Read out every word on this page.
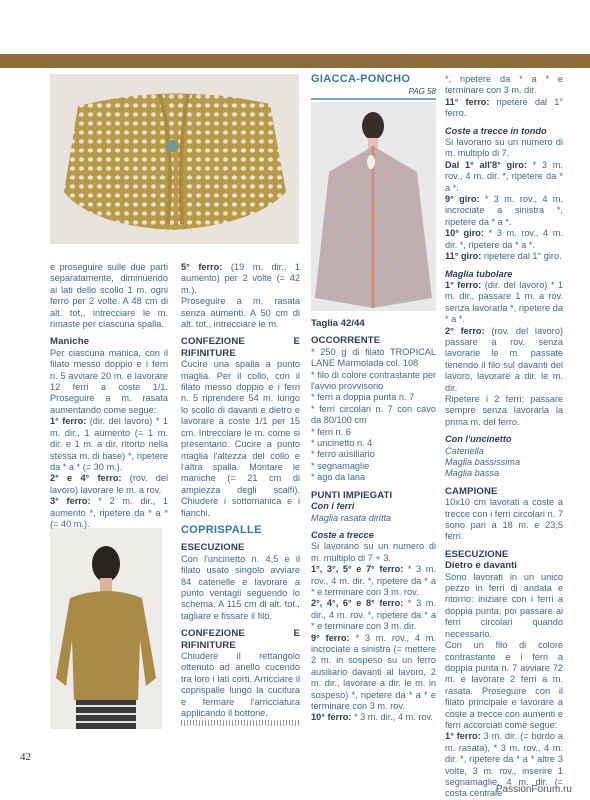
e proseguire sulle due parti separatamente, diminuendo ai lati dello scollo 1 m. ogni ferro per 2 volte. A 48 cm di alt. tot., intrecciare le m. rimaste per ciascuna spalla.

Maniche

Per ciascuna manica, con il filato messo doppio e i ferri n. 5 avviare 20 m. e lavorare 12 ferri a coste 1/1. Proseguire a m. rasata aumentando come segue:

1° ferro: (dir. del lavoro) * 1 m. dir., 1 aumento (= 1 m. dir. e 1 m. a dir. ritorto nella stessa m. di base) *, ripetere da * a * (= 30 m.).

2° e 4° ferro: (rov. del lavoro) lavorare le m. a rov.

3° ferro: * 2 m. dir., 1 aumento *, ripetere da * a * (= 40 m.).

5° ferro: (19 m. dir., 1 aumento) per 2 volte (= 42 m.).

Proseguire a m. rasata senza aumenti. A 50 cm di alt. tot., intrecciare le m.

CONFEZIONE E RIFINITURE

Cucire una spalla a punto maglia. Per il collo, con il filato messo doppio e i ferri n. 5 riprendere 54 m. lungo lo scollo di davanti e dietro e lavorare a coste 1/1 per 15 cm. Intrecciare le m. come si presentano. Cucire a punto maglia l'altezza del collo e l'altra spalla. Montare le maniche (= 21 cm di ampiezza degli scalfi). Chiudere i sottomanica e i fianchi.

COPRISPALLE

ESECUZIONE

Con l'uncinetto n. 4,5 e il filato usato singolo avviare 84 catenelle e lavorare a punto ventagli seguendo lo schema. A 115 cm di alt. tot., tagliare e fissare il filo.

CONFEZIONE E RIFINITURE

Chiudere il rettangolo ottenuto ad anello cucendo tra loro i lati corti. Arricciare il coprispalle lungo la cucitura e fermare l'arricciatura applicando il bottone.

GIACCA-PONCHO

PAG 58

Taglia 42/44

OCCORRENTE

* 250 g di filato TROPICAL LANE Marmolada col. 108

* filo di colore contrastante per l'avvio provvisorio

* ferri a doppia punta n. 7

* ferri circolari n. 7 con cavo da 80/100 cm

* ferri n. 6

* uncinetto n. 4

* ferro ausiliario

* segnamaglie

* ago da lana

PUNTI IMPIEGATI

Con i ferri

Maglia rasata diritta

Coste a trecce

Si lavorano su un numero di m. multiplo di 7 + 3.

1°, 3°, 5° e 7° ferro: * 3 m. rov., 4 m. dir. *, ripetere da * a * e terminare con 3 m. rov.

2°, 4°, 6° e 8° ferro: * 3 m. dir., 4 m. rov. *, ripetere da * a * e terminare con 3 m. dir.

9° ferro: * 3 m. rov., 4 m. incrociate a sinistra (= mettere 2 m. in sospeso su un ferro ausiliario davanti al lavoro, 2 m. dir., lavorare a dir. le m. in sospeso) *, ripetere da * a * e terminare con 3 m. rov.

10° ferro: * 3 m. dir., 4 m. rov.

*, ripetere da * a * e terminare con 3 m. dir.

11° ferro: ripetere dal 1° ferro.

Coste a trecce in tondo

Si lavorano su un numero di m. multiplo di 7.

Dal 1° all'8° giro: * 3 m. rov., 4 m. dir. *, ripetere da * a *.

9° giro: * 3 m. rov., 4 m. incrociate a sinistra *, ripetere da * a *.

10° giro: * 3 m. rov., 4 m. dir. *, ripetere da * a *.

11° giro: ripetere dal 1° giro.

Maglia tubolare

1° ferro: (dir. del lavoro) * 1 m. dir., passare 1 m. a rov. senza lavorarla *, ripetere da * a *.

2° ferro: (rov. del lavoro) passare a rov. senza lavorarle le m. passate tenendo il filo sul davanti del lavoro, lavorare a dir. le m. dir.

Ripetere i 2 ferri: passare sempre senza lavorarla la prima m. del ferro.

Con l'uncinetto

Catenella

Maglia bassissima

Maglia bassa

CAMPIONE

10x10 cm lavorati a coste a trecce con i ferri circolari n. 7 sono pari a 18 m. e 23,5 ferri.

ESECUZIONE

Dietro e davanti

Sono lavorati in un unico pezzo in ferri di andata e ritorno: iniziare con i ferri a doppia punta, poi passare ai ferri circolari quando necessario.

Con un filo di colore contrastante e i ferri a doppia punta n. 7 avviare 72 m. e lavorare 2 ferri a m. rasata. Proseguire con il filato principale e lavorare a coste a trecce con aumenti e ferri accorciati come segue:

1° ferro: 3 m. dir. (= bordo a m. rasata), * 3 m. rov., 4 m. dir. *, ripetere da * a * altre 3 volte, 3 m. rov., inserire 1 segnamaglie, 4 m. dir. (= costa centrale

42
PassionForum.ru
